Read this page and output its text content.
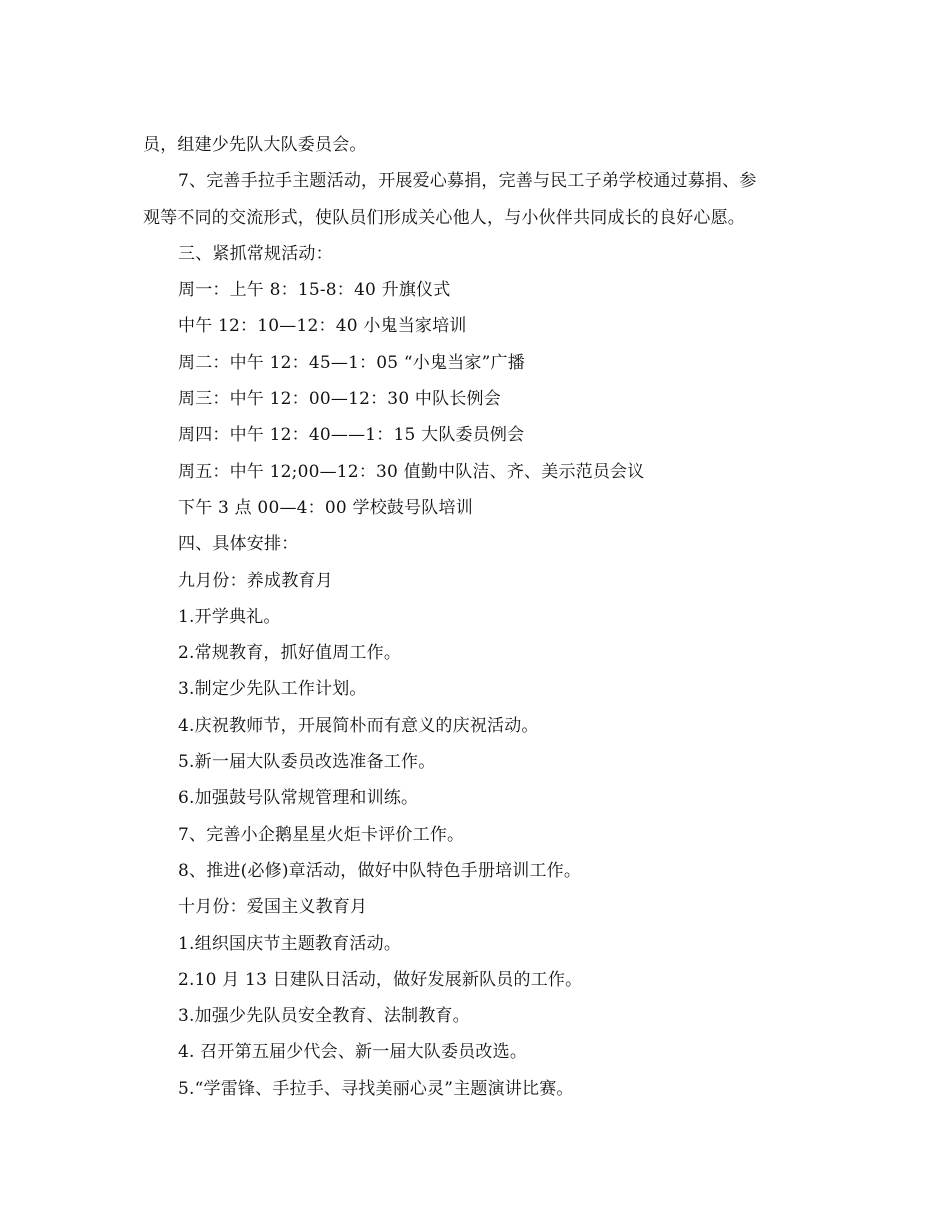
员，组建少先队大队委员会。
7、完善手拉手主题活动，开展爱心募捐，完善与民工子弟学校通过募捐、参
观等不同的交流形式，使队员们形成关心他人，与小伙伴共同成长的良好心愿。
三、紧抓常规活动：
周一：上午 8：15-8：40 升旗仪式
中午 12：10—12：40 小鬼当家培训
周二：中午 12：45—1：05 “小鬼当家”广播
周三：中午 12：00—12：30 中队长例会
周四：中午 12：40——1：15 大队委员例会
周五：中午 12;00—12：30 值勤中队洁、齐、美示范员会议
下午 3 点 00—4：00 学校鼓号队培训
四、具体安排：
九月份：养成教育月
1.开学典礼。
2.常规教育，抓好值周工作。
3.制定少先队工作计划。
4.庆祝教师节，开展简朴而有意义的庆祝活动。
5.新一届大队委员改选准备工作。
6.加强鼓号队常规管理和训练。
7、完善小企鹅星星火炬卡评价工作。
8、推进(必修)章活动，做好中队特色手册培训工作。
十月份：爱国主义教育月
1.组织国庆节主题教育活动。
2.10 月 13 日建队日活动，做好发展新队员的工作。
3.加强少先队员安全教育、法制教育。
4. 召开第五届少代会、新一届大队委员改选。
5.“学雷锋、手拉手、寻找美丽心灵”主题演讲比赛。
